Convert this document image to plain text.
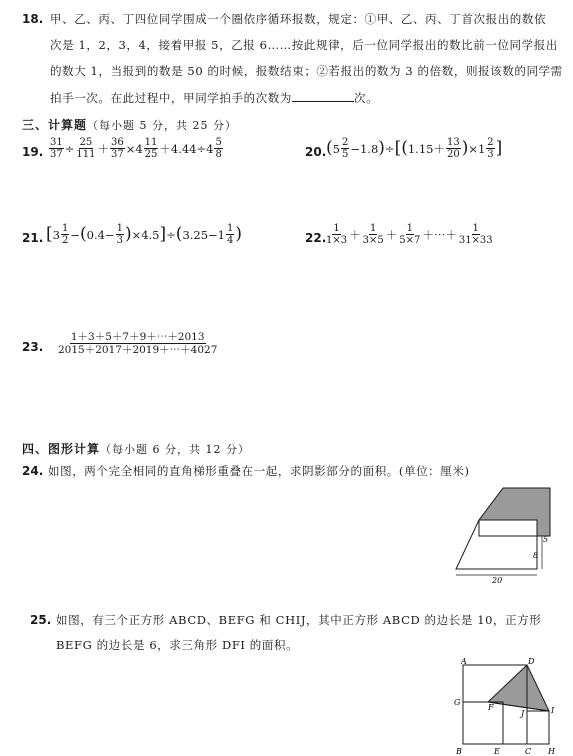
18. 甲、乙、丙、丁四位同学围成一个圈依序循环报数，规定：①甲、乙、丙、丁首次报出的数依
次是 1，2，3，4，接着甲报 5，乙报 6……按此规律，后一位同学报出的数比前一位同学报出
的数大 1，当报到的数是 50 的时候，报数结束；②若报出的数为 3 的倍数，则报该数的同学需
拍手一次。在此过程中，甲同学拍手的次数为	次。
三、计算题（每小题 5 分，共 25 分）
19. $\frac{31}{37} \div \frac{25}{111} + \frac{36}{37} \times 4 \frac{11}{25} +4.44\div 4 \frac{5}{8}$	20. ( $5 \frac{2}{5} -1.8$ ) ÷ [ ( $1.15+ \frac{13}{20}$ ) $\times 1 \frac{2}{3}$ ]
21. [ $3 \frac{1}{2}$ − ( $0.4- \frac{1}{3}$ ) ×4.5 ] ÷ ( $3.25-1 \frac{1}{4}$ )	22.
$\frac{1}{1\times 3} + \frac{1}{3\times 5} + \frac{1}{5\times 7}$ ＋⋯＋ $\frac{1}{31\times 33}$
23. $\frac{1+3+5+7+9+\cdots+2013}{2015+2017+2019+\cdots+4027}$
四、图形计算（每小题 6 分，共 12 分）
24. 如图，两个完全相同的直角梯形重叠在一起，求阴影部分的面积。(单位：厘米)
5
8
20
25. 如图，有三个正方形 ABCD、BEFG 和 CHIJ，其中正方形 ABCD 的边长是 10，正方形
BEFG 的边长是 6，求三角形 DFI 的面积。
A	D
G
F
J	I
B	E	C H
